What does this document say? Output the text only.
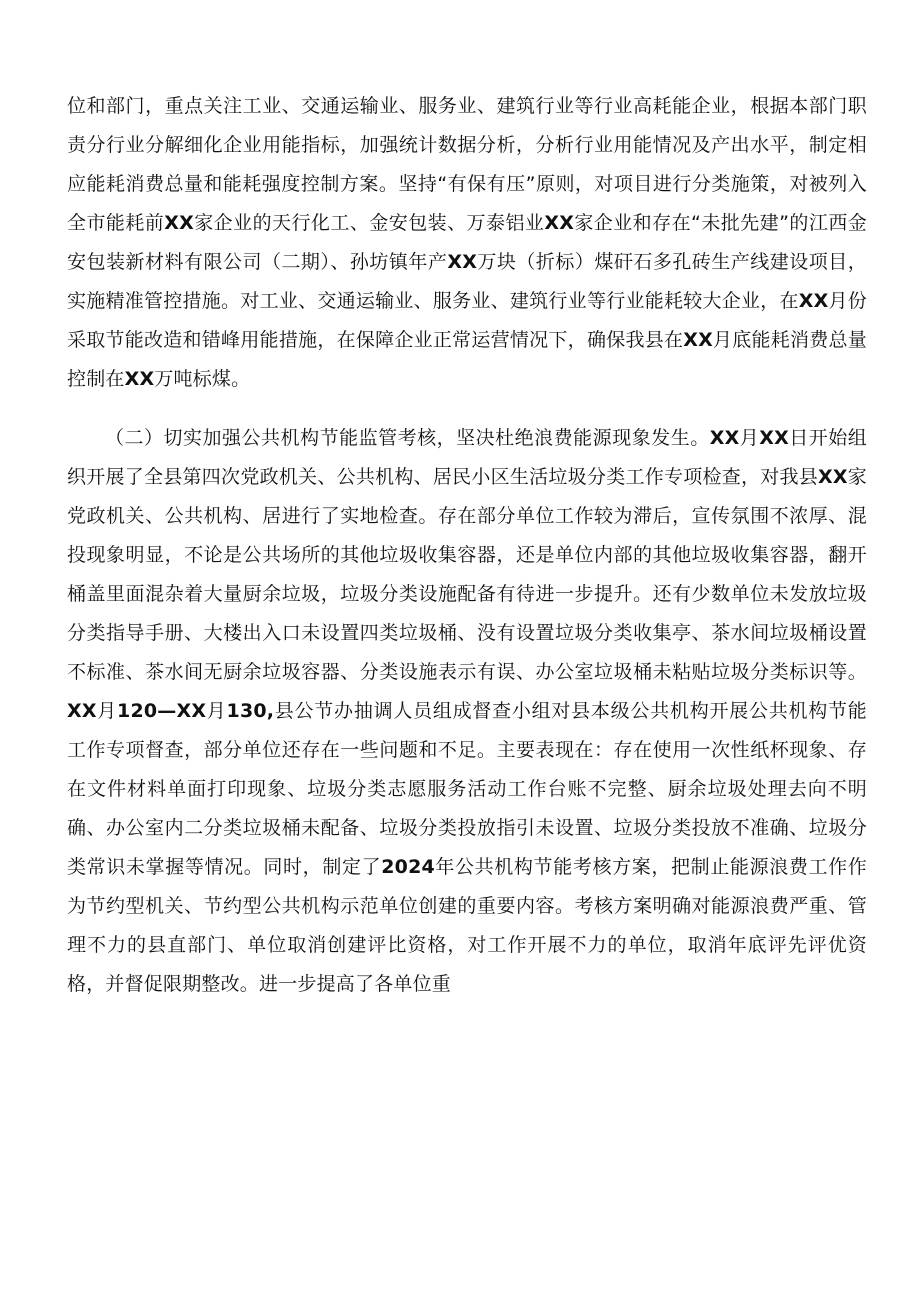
位和部门，重点关注工业、交通运输业、服务业、建筑行业等行业高耗能企业，根据本部门职责分行业分解细化企业用能指标，加强统计数据分析，分析行业用能情况及产出水平，制定相应能耗消费总量和能耗强度控制方案。坚持“有保有压”原则，对项目进行分类施策，对被列入全市能耗前XX家企业的天行化工、金安包装、万泰铝业XX家企业和存在“未批先建”的江西金安包装新材料有限公司（二期）、孙坊镇年产XX万块（折标）煤矸石多孔砖生产线建设项目，实施精准管控措施。对工业、交通运输业、服务业、建筑行业等行业能耗较大企业，在XX月份采取节能改造和错峰用能措施，在保障企业正常运营情况下，确保我县在XX月底能耗消费总量控制在XX万吨标煤。

（二）切实加强公共机构节能监管考核，坚决杜绝浪费能源现象发生。XX月XX日开始组织开展了全县第四次党政机关、公共机构、居民小区生活垃圾分类工作专项检查，对我县XX家党政机关、公共机构、居进行了实地检查。存在部分单位工作较为滞后，宣传氛围不浓厚、混投现象明显，不论是公共场所的其他垃圾收集容器，还是单位内部的其他垃圾收集容器，翻开桶盖里面混杂着大量厨余垃圾，垃圾分类设施配备有待进一步提升。还有少数单位未发放垃圾分类指导手册、大楼出入口未设置四类垃圾桶、没有设置垃圾分类收集亭、茶水间垃圾桶设置不标准、茶水间无厨余垃圾容器、分类设施表示有误、办公室垃圾桶未粘贴垃圾分类标识等。XX月120—XX月130,县公节办抽调人员组成督查小组对县本级公共机构开展公共机构节能工作专项督查，部分单位还存在一些问题和不足。主要表现在：存在使用一次性纸杯现象、存在文件材料单面打印现象、垃圾分类志愿服务活动工作台账不完整、厨余垃圾处理去向不明确、办公室内二分类垃圾桶未配备、垃圾分类投放指引未设置、垃圾分类投放不准确、垃圾分类常识未掌握等情况。同时，制定了2024年公共机构节能考核方案，把制止能源浪费工作作为节约型机关、节约型公共机构示范单位创建的重要内容。考核方案明确对能源浪费严重、管理不力的县直部门、单位取消创建评比资格，对工作开展不力的单位，取消年底评先评优资格，并督促限期整改。进一步提高了各单位重
